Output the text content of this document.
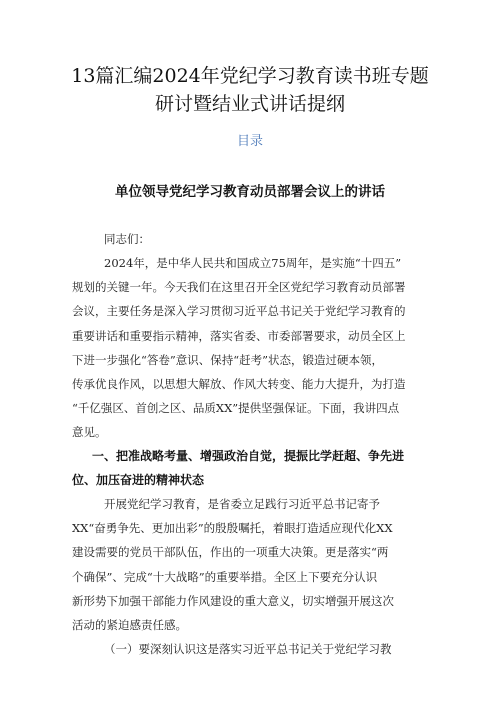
13篇汇编2024年党纪学习教育读书班专题
研讨暨结业式讲话提纲
目录
单位领导党纪学习教育动员部署会议上的讲话
同志们：
2024年，是中华人民共和国成立75周年，是实施“十四五”
规划的关键一年。今天我们在这里召开全区党纪学习教育动员部署
会议，主要任务是深入学习贯彻习近平总书记关于党纪学习教育的
重要讲话和重要指示精神，落实省委、市委部署要求，动员全区上
下进一步强化“答卷”意识、保持“赶考”状态，锻造过硬本领，
传承优良作风，以思想大解放、作风大转变、能力大提升，为打造
“千亿强区、首创之区、品质XX”提供坚强保证。下面，我讲四点
意见。
一、把准战略考量、增强政治自觉，提振比学赶超、争先进
位、加压奋进的精神状态
开展党纪学习教育，是省委立足践行习近平总书记寄予
XX“奋勇争先、更加出彩”的殷殷嘱托，着眼打造适应现代化XX
建设需要的党员干部队伍，作出的一项重大决策。更是落实“两
个确保”、完成“十大战略”的重要举措。全区上下要充分认识
新形势下加强干部能力作风建设的重大意义，切实增强开展这次
活动的紧迫感责任感。
（一）要深刻认识这是落实习近平总书记关于党纪学习教
